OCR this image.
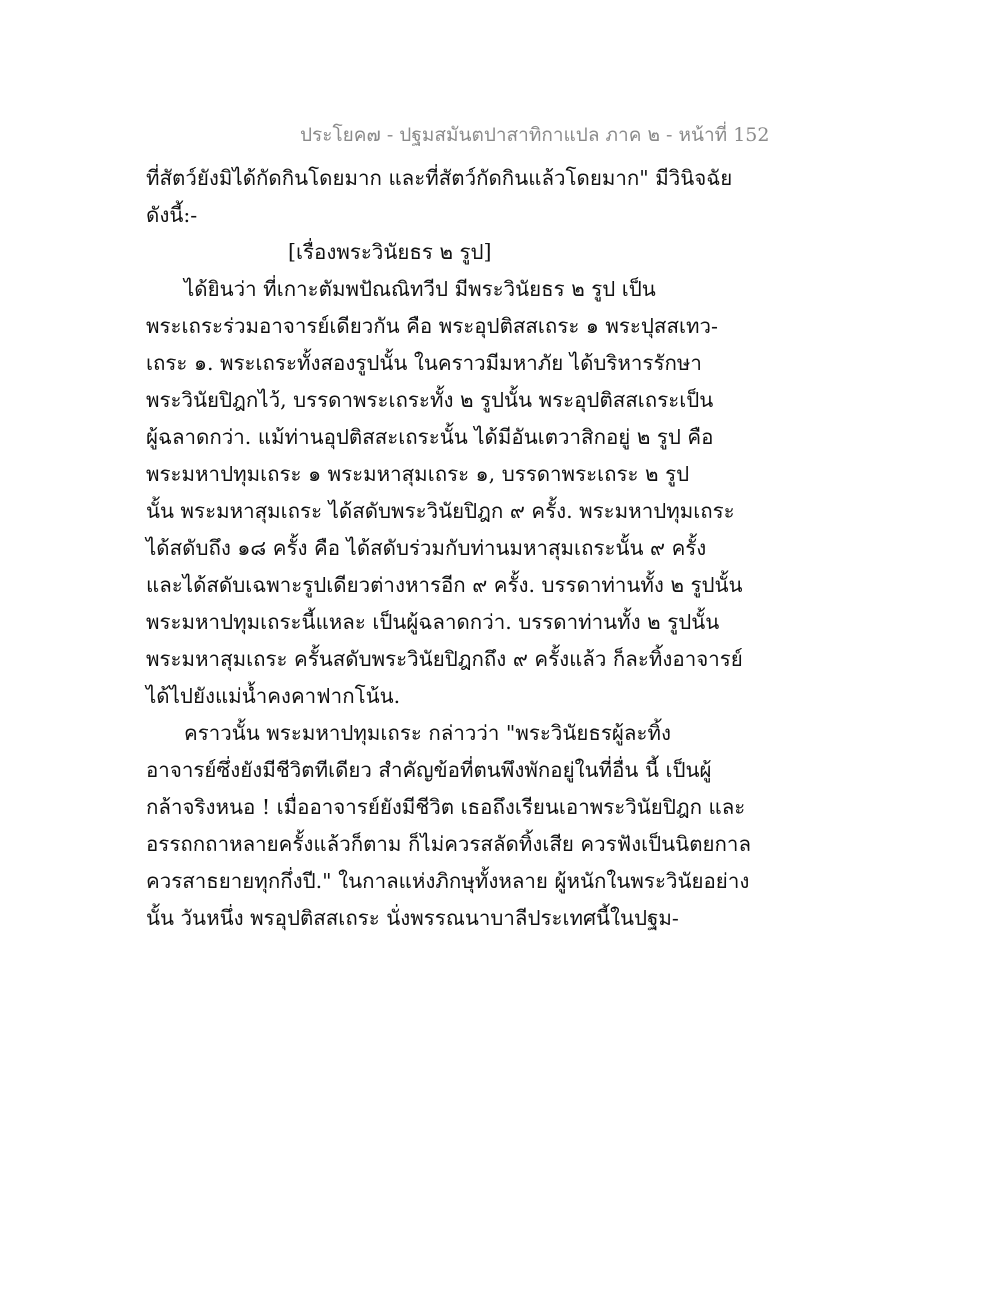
ประโยค๗ - ปฐมสมันตปาสาทิกาแปล ภาค ๒ - หน้าที่ 152
ที่สัตว์ยังมิได้กัดกินโดยมาก และที่สัตว์กัดกินแล้วโดยมาก" มีวินิจฉัย
ดังนี้:-
[เรื่องพระวินัยธร ๒ รูป]
ได้ยินว่า ที่เกาะตัมพปัณณิทวีป มีพระวินัยธร ๒ รูป เป็น
พระเถระร่วมอาจารย์เดียวกัน คือ พระอุปติสสเถระ ๑ พระปุสสเทว-
เถระ ๑. พระเถระทั้งสองรูปนั้น ในคราวมีมหาภัย ได้บริหารรักษา
พระวินัยปิฎกไว้, บรรดาพระเถระทั้ง ๒ รูปนั้น พระอุปติสสเถระเป็น
ผู้ฉลาดกว่า. แม้ท่านอุปติสสะเถระนั้น ได้มีอันเตวาสิกอยู่ ๒ รูป คือ
พระมหาปทุมเถระ ๑ พระมหาสุมเถระ ๑, บรรดาพระเถระ ๒ รูป
นั้น พระมหาสุมเถระ ได้สดับพระวินัยปิฎก ๙ ครั้ง. พระมหาปทุมเถระ
ได้สดับถึง ๑๘ ครั้ง คือ ได้สดับร่วมกับท่านมหาสุมเถระนั้น ๙ ครั้ง
และได้สดับเฉพาะรูปเดียวต่างหารอีก ๙ ครั้ง. บรรดาท่านทั้ง ๒ รูปนั้น
พระมหาปทุมเถระนี้แหละ เป็นผู้ฉลาดกว่า. บรรดาท่านทั้ง ๒ รูปนั้น
พระมหาสุมเถระ ครั้นสดับพระวินัยปิฎกถึง ๙ ครั้งแล้ว ก็ละทิ้งอาจารย์
ได้ไปยังแม่น้ำคงคาฟากโน้น.
คราวนั้น พระมหาปทุมเถระ กล่าวว่า "พระวินัยธรผู้ละทิ้ง
อาจารย์ซึ่งยังมีชีวิตทีเดียว สำคัญข้อที่ตนพึงพักอยู่ในที่อื่น นี้ เป็นผู้
กล้าจริงหนอ ! เมื่ออาจารย์ยังมีชีวิต เธอถึงเรียนเอาพระวินัยปิฎก และ
อรรถกถาหลายครั้งแล้วก็ตาม ก็ไม่ควรสลัดทิ้งเสีย ควรฟังเป็นนิตยกาล
ควรสาธยายทุกกึ่งปี." ในกาลแห่งภิกษุทั้งหลาย ผู้หนักในพระวินัยอย่าง
นั้น วันหนึ่ง พรอุปติสสเถระ นั่งพรรณนาบาลีประเทศนี้ในปฐม-
